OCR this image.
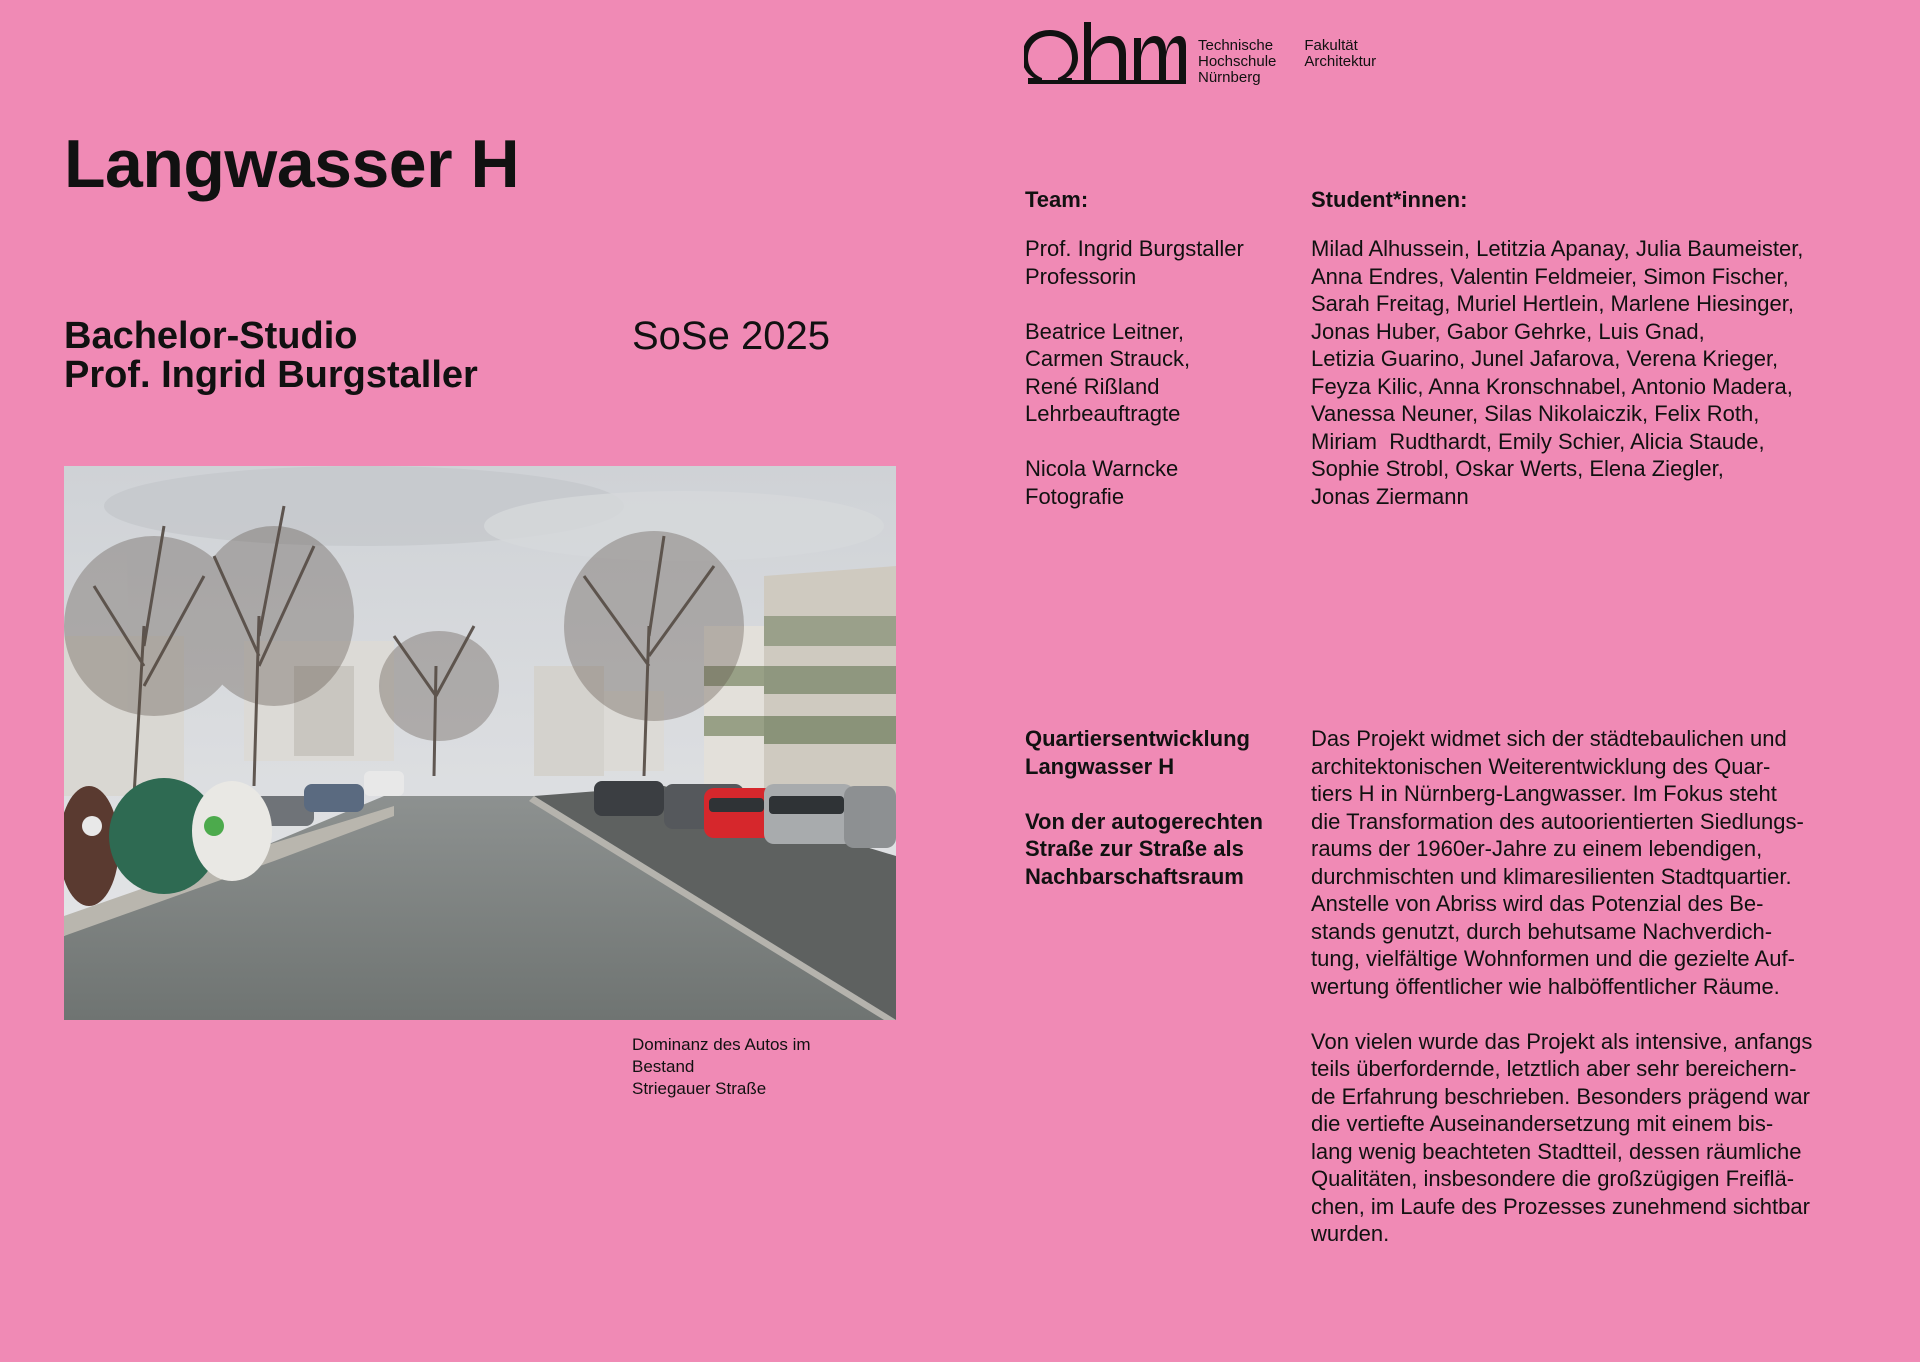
Langwasser H
Bachelor-Studio
Prof. Ingrid Burgstaller
SoSe 2025
Dominanz des Autos im
Bestand
Striegauer Straße
Technische
Hochschule
Nürnberg
Fakultät
Architektur
Team:
Prof. Ingrid Burgstaller
Professorin
Beatrice Leitner,
Carmen Strauck,
René Rißland
Lehrbeauftragte
Nicola Warncke
Fotografie
Student*innen:
Milad Alhussein, Letitzia Apanay, Julia Baumeister,
Anna Endres, Valentin Feldmeier, Simon Fischer,
Sarah Freitag, Muriel Hertlein, Marlene Hiesinger,
Jonas Huber, Gabor Gehrke, Luis Gnad,
Letizia Guarino, Junel Jafarova, Verena Krieger,
Feyza Kilic, Anna Kronschnabel, Antonio Madera,
Vanessa Neuner, Silas Nikolaiczik, Felix Roth,
Miriam  Rudthardt, Emily Schier, Alicia Staude,
Sophie Strobl, Oskar Werts, Elena Ziegler,
Jonas Ziermann

Quartiersentwicklung
Langwasser H

Von der autogerechten
Straße zur Straße als
Nachbarschaftsraum

Das Projekt widmet sich der städtebaulichen und
architektonischen Weiterentwicklung des Quar-
tiers H in Nürnberg-Langwasser. Im Fokus steht
die Transformation des autoorientierten Siedlungs-
raums der 1960er-Jahre zu einem lebendigen,
durchmischten und klimaresilienten Stadtquartier.
Anstelle von Abriss wird das Potenzial des Be-
stands genutzt, durch behutsame Nachverdich-
tung, vielfältige Wohnformen und die gezielte Auf-
wertung öffentlicher wie halböffentlicher Räume.

Von vielen wurde das Projekt als intensive, anfangs
teils überfordernde, letztlich aber sehr bereichern-
de Erfahrung beschrieben. Besonders prägend war
die vertiefte Auseinandersetzung mit einem bis-
lang wenig beachteten Stadtteil, dessen räumliche
Qualitäten, insbesondere die großzügigen Freiflä-
chen, im Laufe des Prozesses zunehmend sichtbar
wurden.
